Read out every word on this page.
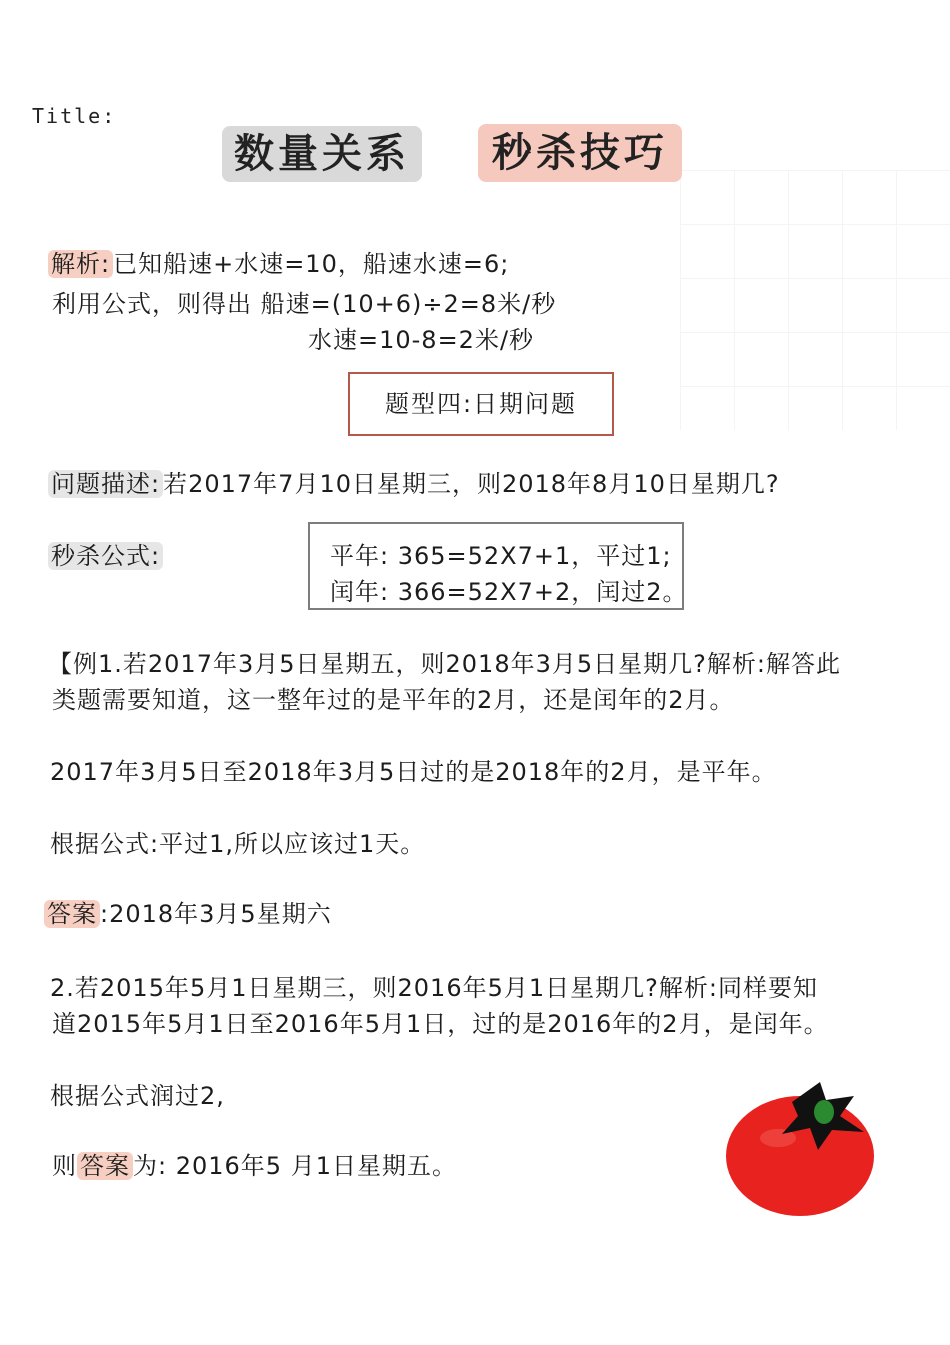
Title:
数量关系	秒杀技巧
解析: 已知船速+水速=10，船速水速=6;
利用公式，则得出 船速=(10+6)÷2=8米/秒
水速=10-8=2米/秒
题型四:日期问题
问题描述: 若2017年7月10日星期三，则2018年8月10日星期几?
秒杀公式:	平年: 365=52X7+1，平过1;
闰年: 366=52X7+2，闰过2。
【例1.若2017年3月5日星期五，则2018年3月5日星期几?解析:解答此
类题需要知道，这一整年过的是平年的2月，还是闰年的2月。
2017年3月5日至2018年3月5日过的是2018年的2月，是平年。
根据公式:平过1,所以应该过1天。
答案 :2018年3月5星期六
2.若2015年5月1日星期三，则2016年5月1日星期几?解析:同样要知
道2015年5月1日至2016年5月1日，过的是2016年的2月，是闰年。
根据公式润过2,
则 答案 为: 2016年5 月1日星期五。
